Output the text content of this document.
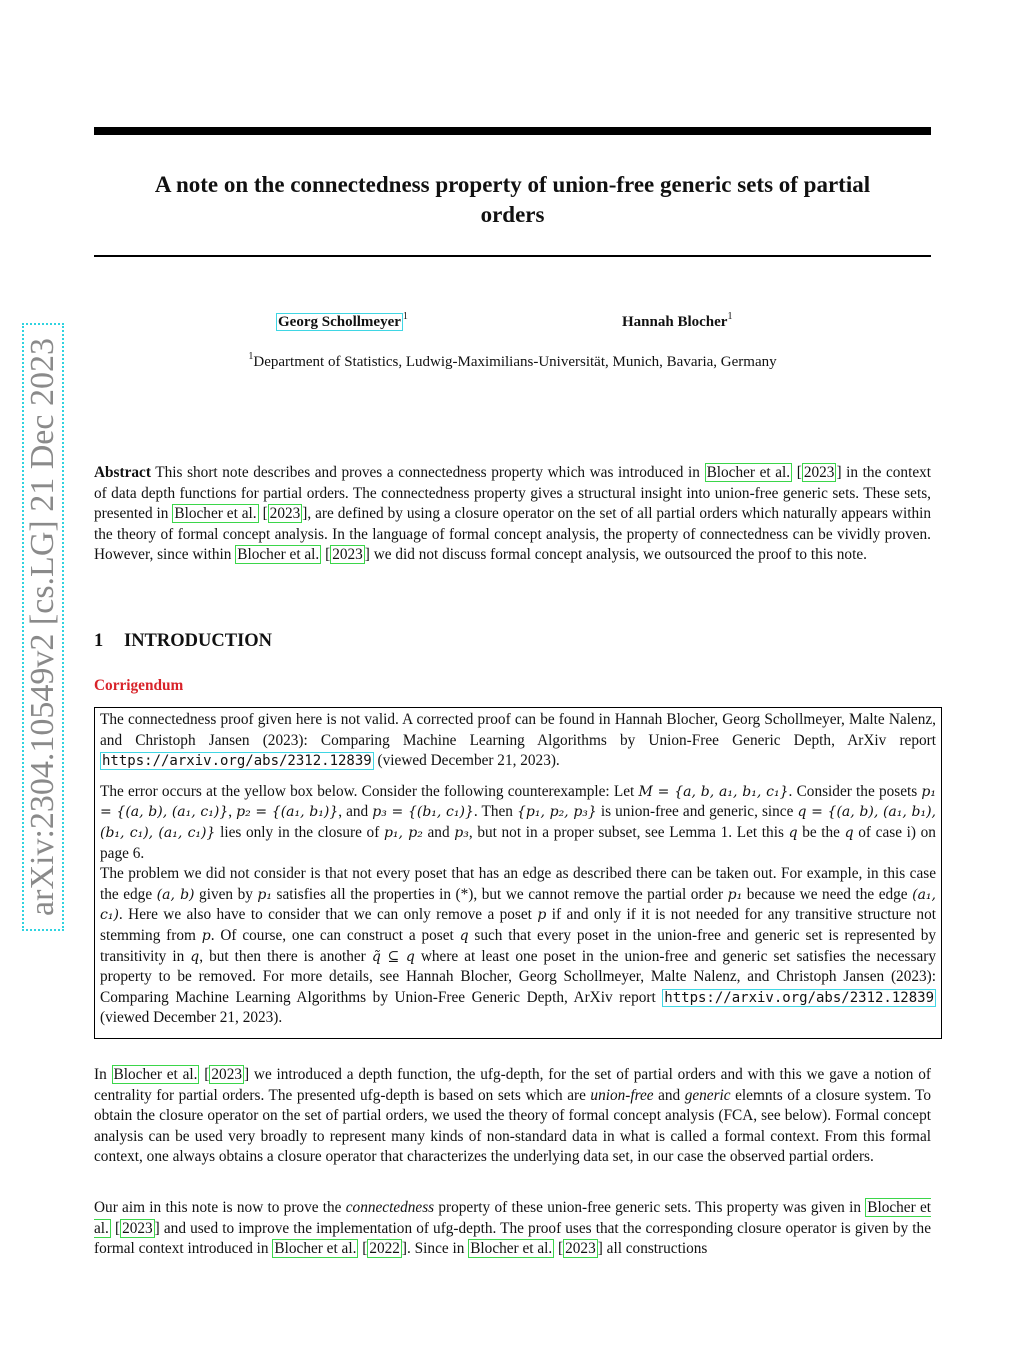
A note on the connectedness property of union-free generic sets of partial
orders
arXiv:2304.10549v2 [cs.LG] 21 Dec 2023
Georg Schollmeyer $^1$	Hannah Blocher$^1$
$^1$Department of Statistics, Ludwig-Maximilians-Universität, Munich, Bavaria, Germany
Abstract This short note describes and proves a connectedness property which was introduced in Blocher et al. [ 2023 ] in the context of data depth functions for partial orders. The connectedness property gives a structural insight into union-free generic sets. These sets, presented in Blocher et al. [ 2023 ], are defined by using a closure operator on the set of all partial orders which naturally appears within the theory of formal concept analysis. In the language of formal concept analysis, the property of connectedness can be vividly proven. However, since within Blocher et al. [ 2023 ] we did not discuss formal concept analysis, we outsourced the proof to this note.
1 INTRODUCTION
Corrigendum

The connectedness proof given here is not valid. A corrected proof can be found in Hannah Blocher, Georg Schollmeyer, Malte Nalenz, and Christoph Jansen (2023): Comparing Machine Learning Algorithms by Union-Free Generic Depth, ArXiv report https://arxiv.org/abs/2312.12839 (viewed December 21, 2023).

The error occurs at the yellow box below. Consider the following counterexample: Let M = {a, b, a₁, b₁, c₁}. Consider the posets p₁ = {(a, b), (a₁, c₁)}, p₂ = {(a₁, b₁)}, and p₃ = {(b₁, c₁)}. Then {p₁, p₂, p₃} is union-free and generic, since q = {(a, b), (a₁, b₁), (b₁, c₁), (a₁, c₁)} lies only in the closure of p₁, p₂ and p₃, but not in a proper subset, see Lemma 1. Let this q be the q of case i) on page 6.

The problem we did not consider is that not every poset that has an edge as described there can be taken out. For example, in this case the edge (a, b) given by p₁ satisfies all the properties in (*), but we cannot remove the partial order p₁ because we need the edge (a₁, c₁). Here we also have to consider that we can only remove a poset p if and only if it is not needed for any transitive structure not stemming from p. Of course, one can construct a poset q such that every poset in the union-free and generic set is represented by transitivity in q, but then there is another q̃ ⊆ q where at least one poset in the union-free and generic set satisfies the necessary property to be removed. For more details, see Hannah Blocher, Georg Schollmeyer, Malte Nalenz, and Christoph Jansen (2023): Comparing Machine Learning Algorithms by Union-Free Generic Depth, ArXiv report https://arxiv.org/abs/2312.12839 (viewed December 21, 2023).

In Blocher et al. [ 2023 ] we introduced a depth function, the ufg-depth, for the set of partial orders and with this we gave a notion of centrality for partial orders. The presented ufg-depth is based on sets which are union-free and generic elemnts of a closure system. To obtain the closure operator on the set of partial orders, we used the theory of formal concept analysis (FCA, see below). Formal concept analysis can be used very broadly to represent many kinds of non-standard data in what is called a formal context. From this formal context, one always obtains a closure operator that characterizes the underlying data set, in our case the observed partial orders.
Our aim in this note is now to prove the connectedness property of these union-free generic sets. This property was given in Blocher et al. [ 2023 ] and used to improve the implementation of ufg-depth. The proof uses that the corresponding closure operator is given by the formal context introduced in Blocher et al. [ 2022 ]. Since in Blocher et al. [ 2023 ] all constructions
